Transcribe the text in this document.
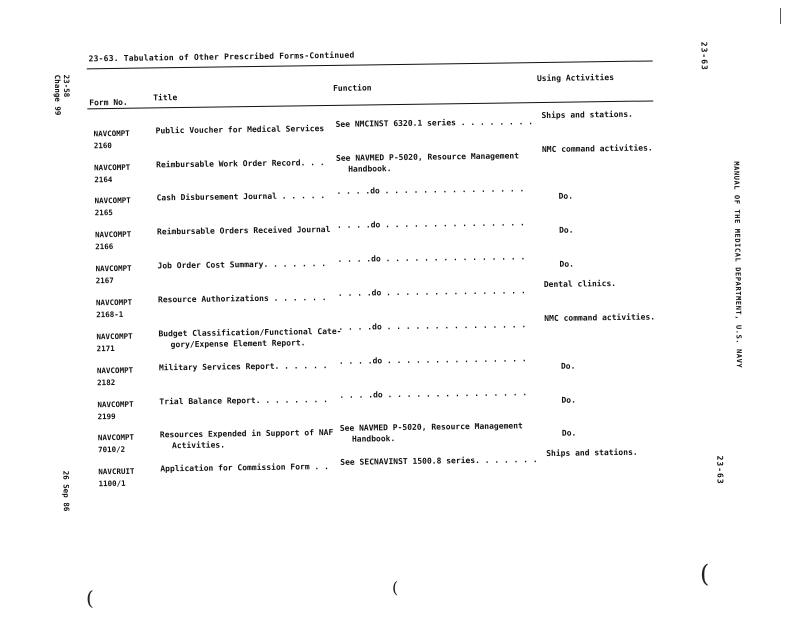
23-63. Tabulation of Other Prescribed Forms-Continued
Form No.
Title
Function
Using Activities
NAVCOMPT
2160
Public Voucher for Medical Services
See NMCINST 6320.1 series . . . . . . . .
Ships and stations.
NAVCOMPT
2164
Reimbursable Work Order Record. . .
See NAVMED P-5020, Resource Management
Handbook.
NMC command activities.
NAVCOMPT
2165
Cash Disbursement Journal . . . . .
. . . .do . . . . . . . . . . . . . . .
Do.
NAVCOMPT
2166
Reimbursable Orders Received Journal
. . . .do . . . . . . . . . . . . . . .
Do.
NAVCOMPT
2167
Job Order Cost Summary. . . . . . .
. . . .do . . . . . . . . . . . . . . .
Do.
NAVCOMPT
2168-1
Resource Authorizations . . . . . .
. . . .do . . . . . . . . . . . . . . .
Dental clinics.
NAVCOMPT
2171
Budget Classification/Functional Cate-
gory/Expense Element Report.
. . . .do . . . . . . . . . . . . . . .
NMC command activities.
NAVCOMPT
2182
Military Services Report. . . . . .
. . . .do . . . . . . . . . . . . . . .
Do.
NAVCOMPT
2199
Trial Balance Report. . . . . . . .
. . . .do . . . . . . . . . . . . . . .
Do.
NAVCOMPT
7010/2
Resources Expended in Support of NAF
Activities.
See NAVMED P-5020, Resource Management
Handbook.
Do.
NAVCRUIT
1100/1
Application for Commission Form . .
See SECNAVINST 1500.8 series. . . . . . .
Ships and stations.
23-58
Change 99
26 Sep 86
23-63
MANUAL OF THE MEDICAL DEPARTMENT, U.S. NAVY
23-63
(	(	(
